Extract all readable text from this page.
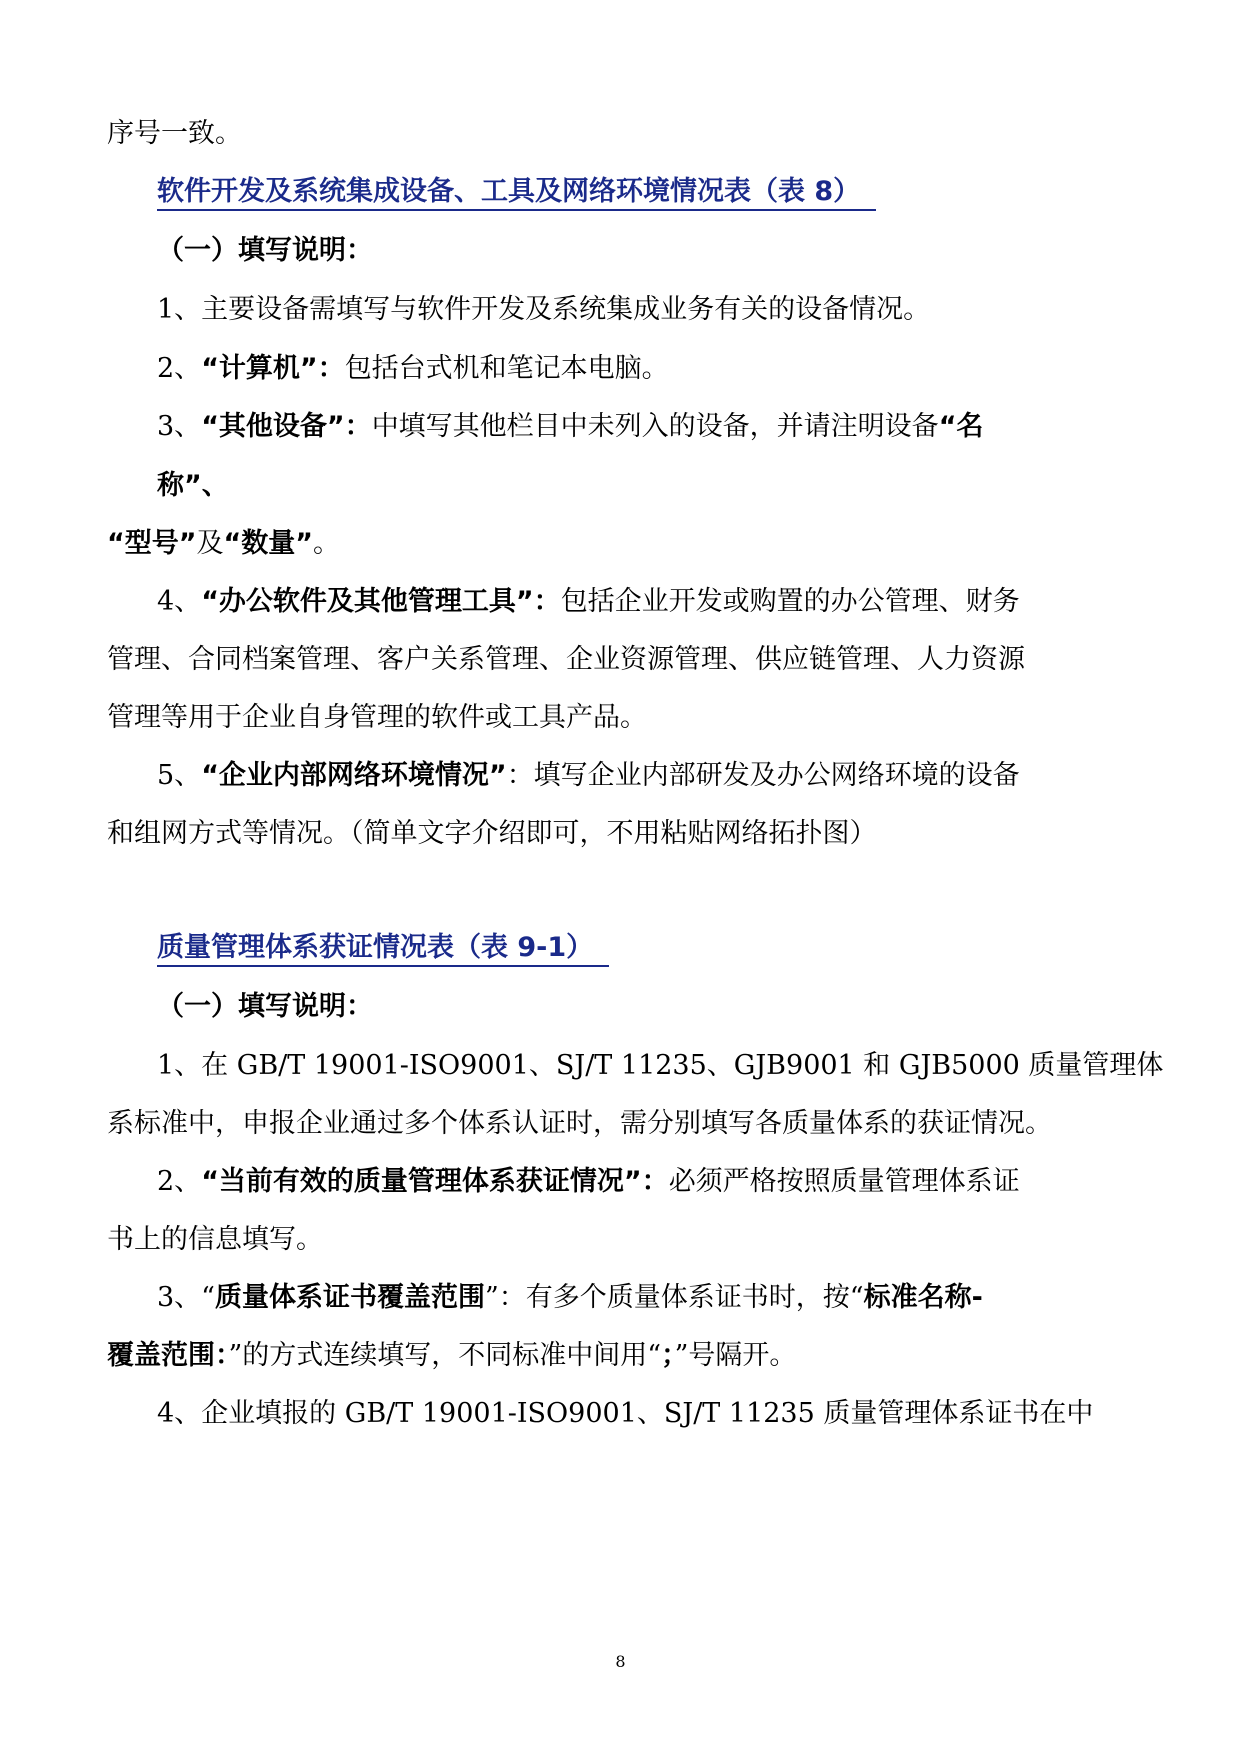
序号一致。
软件开发及系统集成设备、工具及网络环境情况表（表 8）
（一）填写说明：
1、主要设备需填写与软件开发及系统集成业务有关的设备情况。
2、“计算机”：包括台式机和笔记本电脑。
3、“其他设备”：中填写其他栏目中未列入的设备，并请注明设备“名
称”、
“型号”及“数量”。
4、“办公软件及其他管理工具”：包括企业开发或购置的办公管理、财务
管理、合同档案管理、客户关系管理、企业资源管理、供应链管理、人力资源
管理等用于企业自身管理的软件或工具产品。
5、“企业内部网络环境情况”：填写企业内部研发及办公网络环境的设备
和组网方式等情况。（简单文字介绍即可，不用粘贴网络拓扑图）
质量管理体系获证情况表（表 9-1）
（一）填写说明：
1、在 GB/T 19001-ISO9001、SJ/T 11235、GJB9001 和 GJB5000 质量管理体
系标准中，申报企业通过多个体系认证时，需分别填写各质量体系的获证情况。
2、“当前有效的质量管理体系获证情况”：必须严格按照质量管理体系证
书上的信息填写。
3、“质量体系证书覆盖范围”：有多个质量体系证书时，按“标准名称-
覆盖范围：”的方式连续填写，不同标准中间用“；”号隔开。
4、企业填报的 GB/T 19001-ISO9001、SJ/T 11235 质量管理体系证书在中
8
